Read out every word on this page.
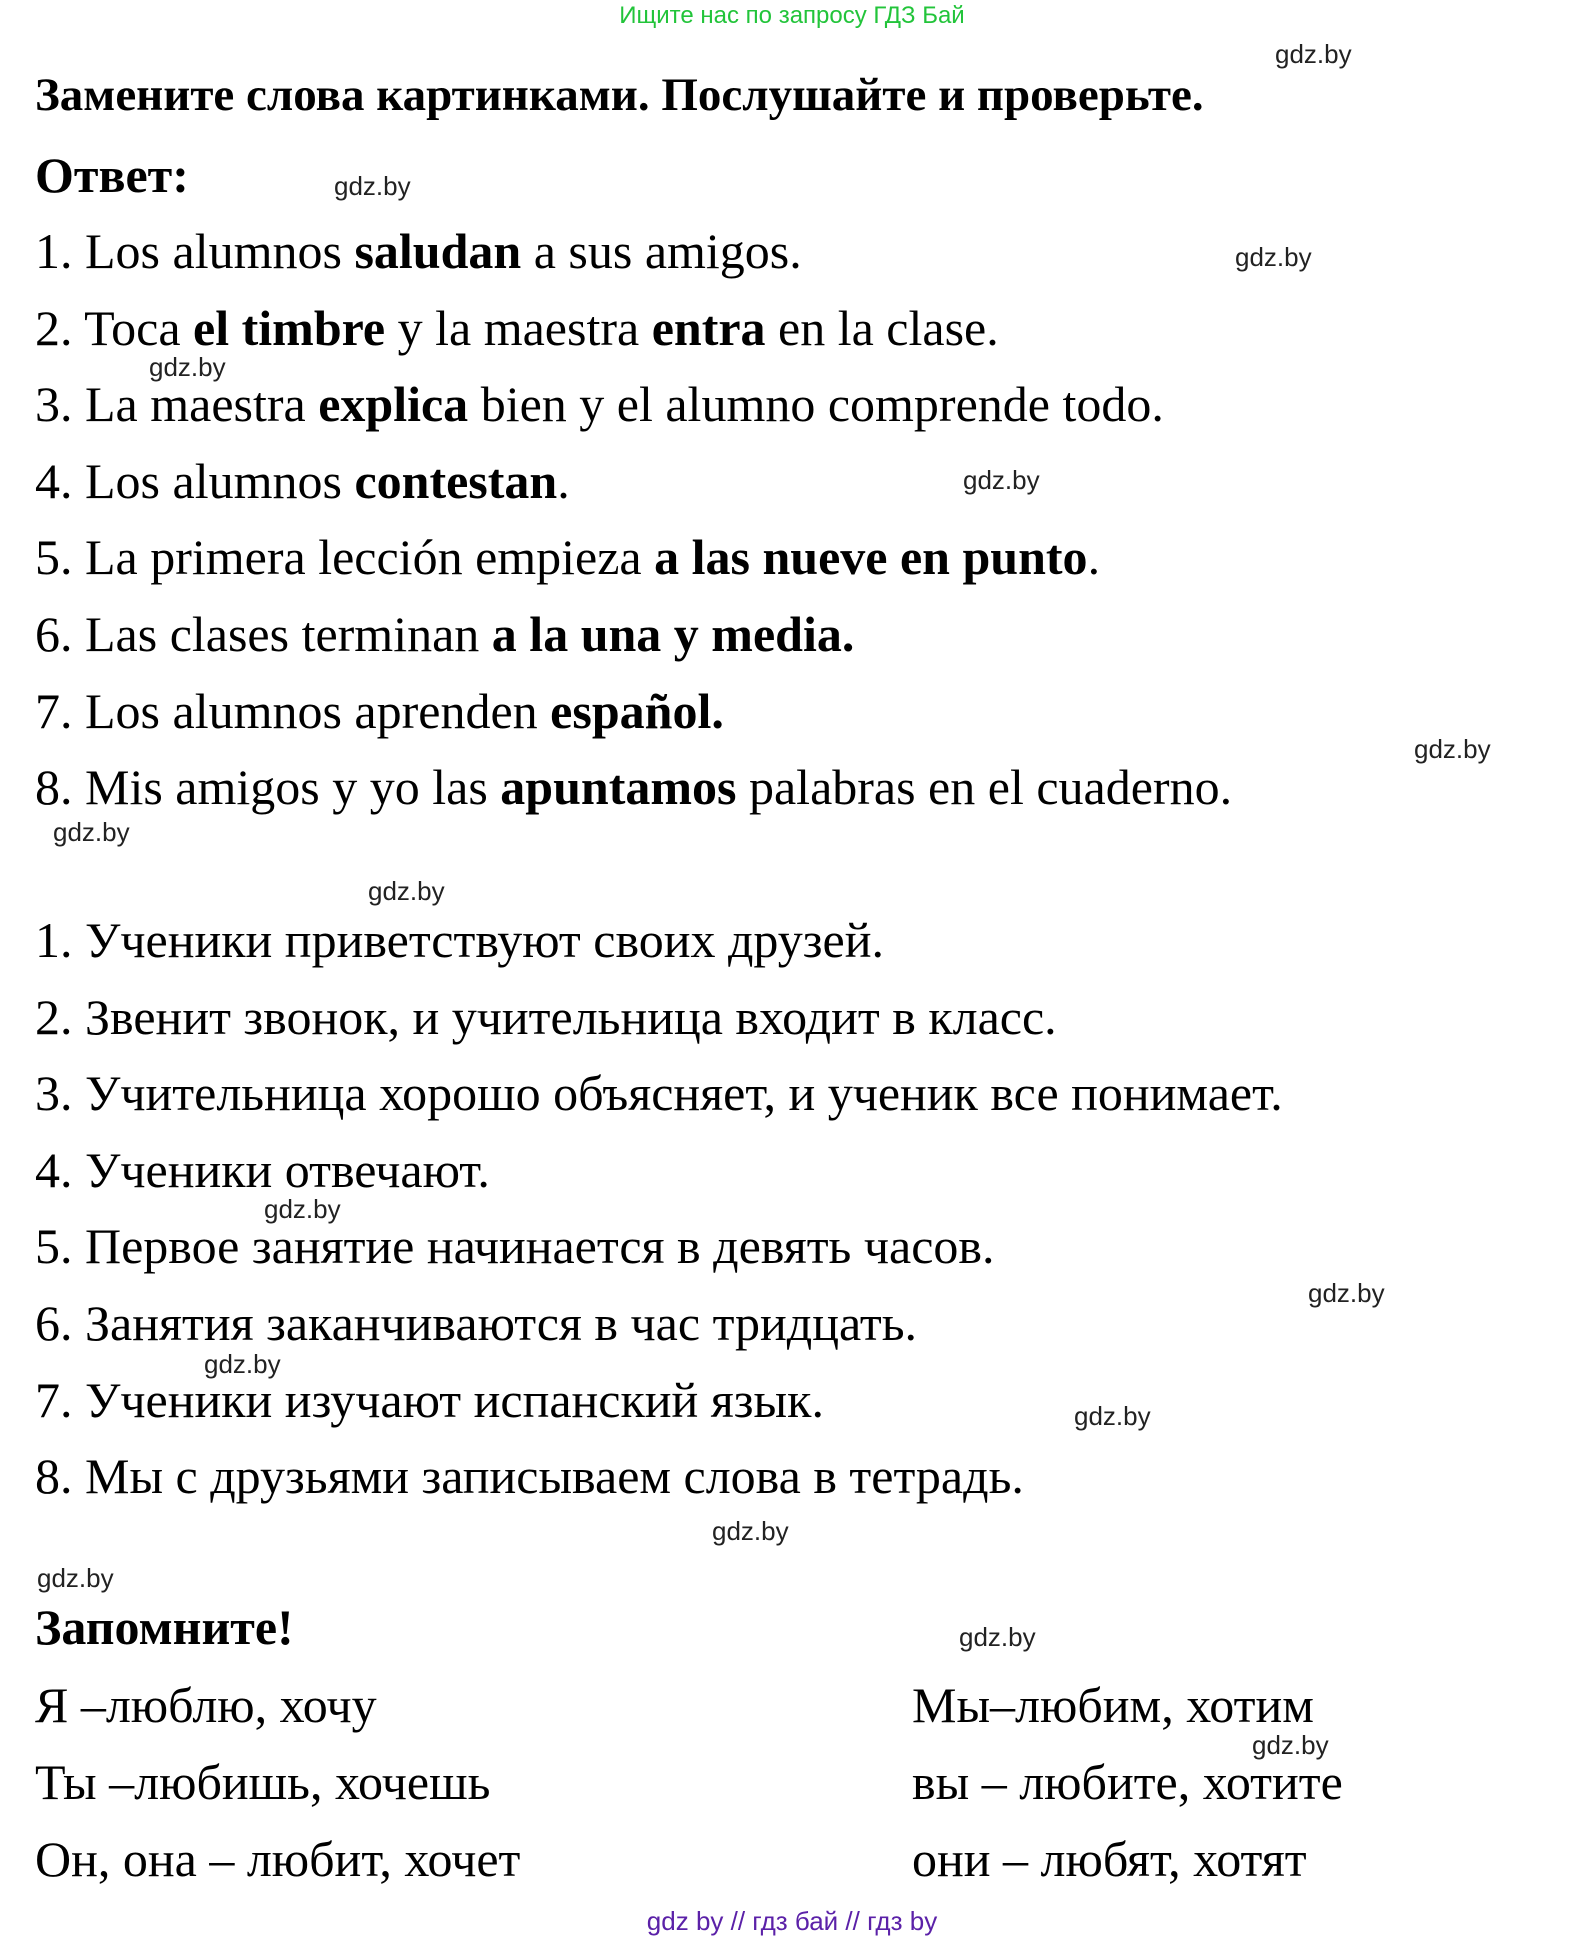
Ищите нас по запросу ГДЗ Бай
Замените слова картинками. Послушайте и проверьте.
Ответ:
1. Los alumnos saludan a sus amigos.
2. Toca el timbre y la maestra entra en la clase.
3. La maestra explica bien y el alumno comprende todo.
4. Los alumnos contestan.
5. La primera lección empieza a las nueve en punto.
6. Las clases terminan a la una y media.
7. Los alumnos aprenden español.
8. Mis amigos y yo las apuntamos palabras en el cuaderno.
1. Ученики приветствуют своих друзей.
2. Звенит звонок, и учительница входит в класс.
3. Учительница хорошо объясняет, и ученик все понимает.
4. Ученики отвечают.
5. Первое занятие начинается в девять часов.
6. Занятия заканчиваются в час тридцать.
7. Ученики изучают испанский язык.
8. Мы с друзьями записываем слова в тетрадь.
Запомните!
Я –люблю, хочу
Ты –любишь, хочешь
Он, она – любит, хочет
Мы–любим, хотим
вы – любите, хотите
они – любят, хотят
gdz.by
gdz.by
gdz.by
gdz.by
gdz.by
gdz.by
gdz.by
gdz.by
gdz.by
gdz.by
gdz.by
gdz.by
gdz.by
gdz.by
gdz.by
gdz.by
gdz by // гдз бай // гдз by
